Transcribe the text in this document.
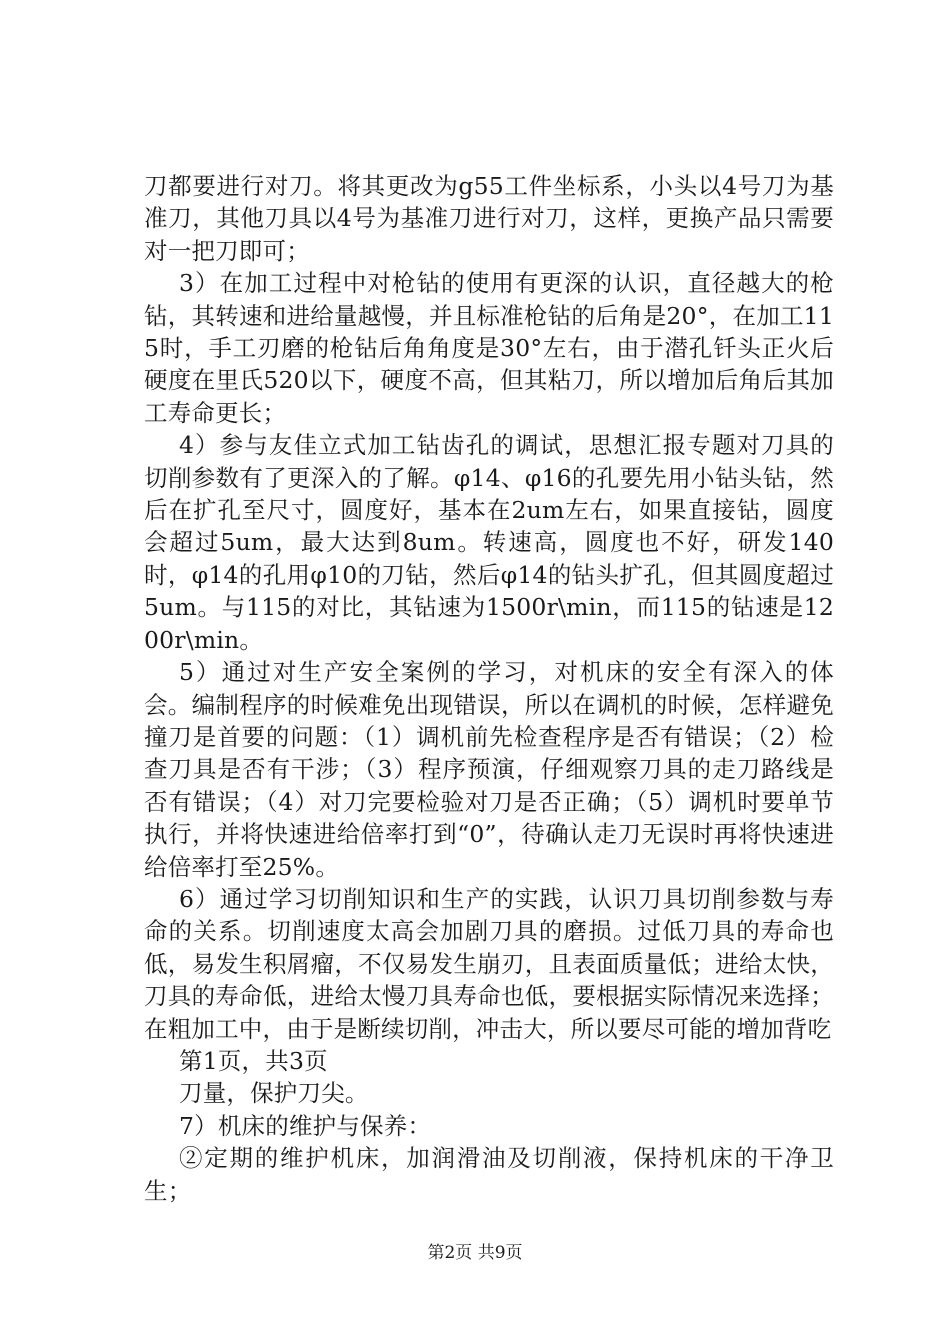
刀都要进行对刀。将其更改为g55工件坐标系，小头以4号刀为基准刀，其他刀具以4号为基准刀进行对刀，这样，更换产品只需要对一把刀即可；

3）在加工过程中对枪钻的使用有更深的认识，直径越大的枪钻，其转速和进给量越慢，并且标准枪钻的后角是20°，在加工115时，手工刃磨的枪钻后角角度是30°左右，由于潜孔钎头正火后硬度在里氏520以下，硬度不高，但其粘刀，所以增加后角后其加工寿命更长；

4）参与友佳立式加工钻齿孔的调试，思想汇报专题对刀具的切削参数有了更深入的了解。φ14、φ16的孔要先用小钻头钻，然后在扩孔至尺寸，圆度好，基本在2um左右，如果直接钻，圆度会超过5um，最大达到8um。转速高，圆度也不好，研发140时，φ14的孔用φ10的刀钻，然后φ14的钻头扩孔，但其圆度超过5um。与115的对比，其钻速为1500r\min，而115的钻速是1200r\min。

5）通过对生产安全案例的学习，对机床的安全有深入的体会。编制程序的时候难免出现错误，所以在调机的时候，怎样避免撞刀是首要的问题：（1）调机前先检查程序是否有错误；（2）检查刀具是否有干涉；（3）程序预演，仔细观察刀具的走刀路线是否有错误；（4）对刀完要检验对刀是否正确；（5）调机时要单节执行，并将快速进给倍率打到“0”，待确认走刀无误时再将快速进给倍率打至25%。

6）通过学习切削知识和生产的实践，认识刀具切削参数与寿命的关系。切削速度太高会加剧刀具的磨损。过低刀具的寿命也低，易发生积屑瘤，不仅易发生崩刃，且表面质量低；进给太快，刀具的寿命低，进给太慢刀具寿命也低，要根据实际情况来选择；在粗加工中，由于是断续切削，冲击大，所以要尽可能的增加背吃

第1页，共3页

刀量，保护刀尖。

7）机床的维护与保养：

②定期的维护机床，加润滑油及切削液，保持机床的干净卫生；

第2页 共9页
